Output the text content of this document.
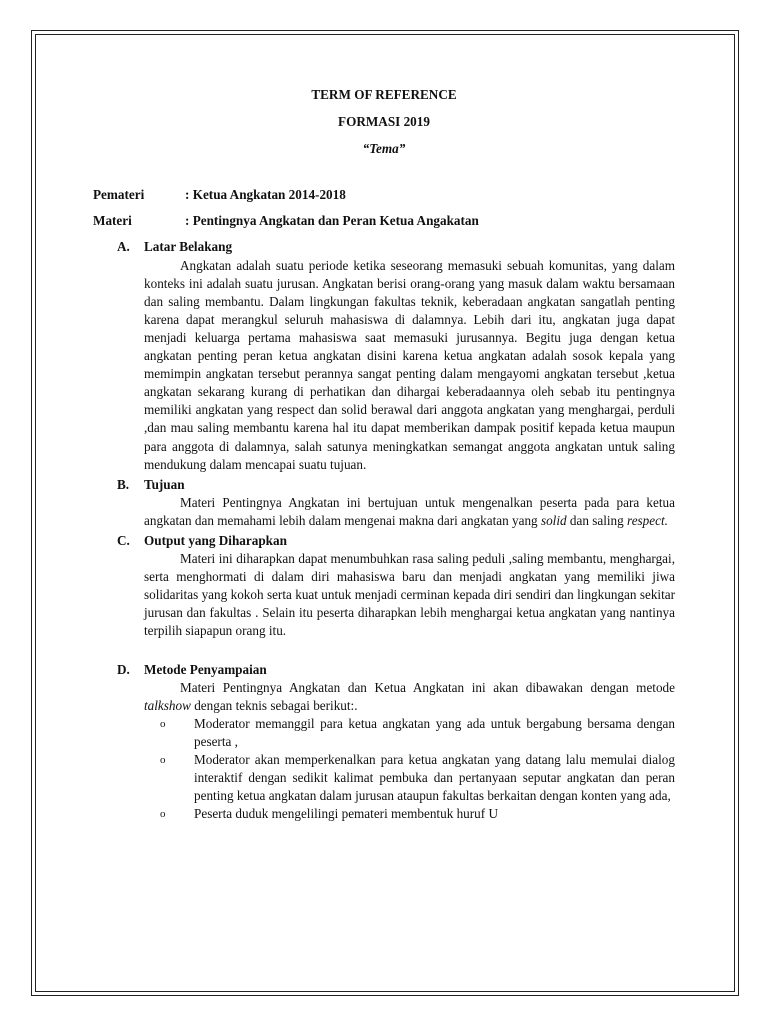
TERM OF REFERENCE
FORMASI 2019
“Tema”
Pemateri	: Ketua Angkatan 2014-2018
Materi	: Pentingnya Angkatan dan Peran Ketua Angakatan
A.	Latar Belakang
Angkatan adalah suatu periode ketika seseorang memasuki sebuah komunitas, yang dalam konteks ini adalah suatu jurusan. Angkatan berisi orang-orang yang masuk dalam waktu bersamaan dan saling membantu. Dalam lingkungan fakultas teknik, keberadaan angkatan sangatlah penting karena dapat merangkul seluruh mahasiswa di dalamnya. Lebih dari itu, angkatan juga dapat menjadi keluarga pertama mahasiswa saat memasuki jurusannya. Begitu juga dengan ketua angkatan penting peran ketua angkatan disini karena ketua angkatan adalah sosok kepala yang memimpin angkatan tersebut perannya sangat penting dalam mengayomi angkatan tersebut ,ketua angkatan sekarang kurang di perhatikan dan dihargai keberadaannya oleh sebab itu pentingnya memiliki angkatan yang respect dan solid berawal dari anggota angkatan yang menghargai, perduli ,dan mau saling membantu karena hal itu dapat memberikan dampak positif kepada ketua maupun para anggota di dalamnya, salah satunya meningkatkan semangat anggota angkatan untuk saling mendukung dalam mencapai suatu tujuan.
B.	Tujuan
Materi Pentingnya Angkatan ini bertujuan untuk mengenalkan peserta pada para ketua angkatan dan memahami lebih dalam mengenai makna dari angkatan yang solid dan saling respect.
C.	Output yang Diharapkan
Materi ini diharapkan dapat menumbuhkan rasa saling peduli ,saling membantu, menghargai, serta menghormati di dalam diri mahasiswa baru dan menjadi angkatan yang memiliki jiwa solidaritas yang kokoh serta kuat untuk menjadi cerminan kepada diri sendiri dan lingkungan sekitar jurusan dan fakultas . Selain itu peserta diharapkan lebih menghargai ketua angkatan yang nantinya terpilih siapapun orang itu.
D.	Metode Penyampaian
Materi Pentingnya Angkatan dan Ketua Angkatan ini akan dibawakan dengan metode talkshow dengan teknis sebagai berikut:.
o	Moderator memanggil para ketua angkatan yang ada untuk bergabung bersama dengan peserta ,
o	Moderator akan memperkenalkan para ketua angkatan yang datang lalu memulai dialog interaktif dengan sedikit kalimat pembuka dan pertanyaan seputar angkatan dan peran penting ketua angkatan dalam jurusan ataupun fakultas berkaitan dengan konten yang ada,
o	Peserta duduk mengelilingi pemateri membentuk huruf U
